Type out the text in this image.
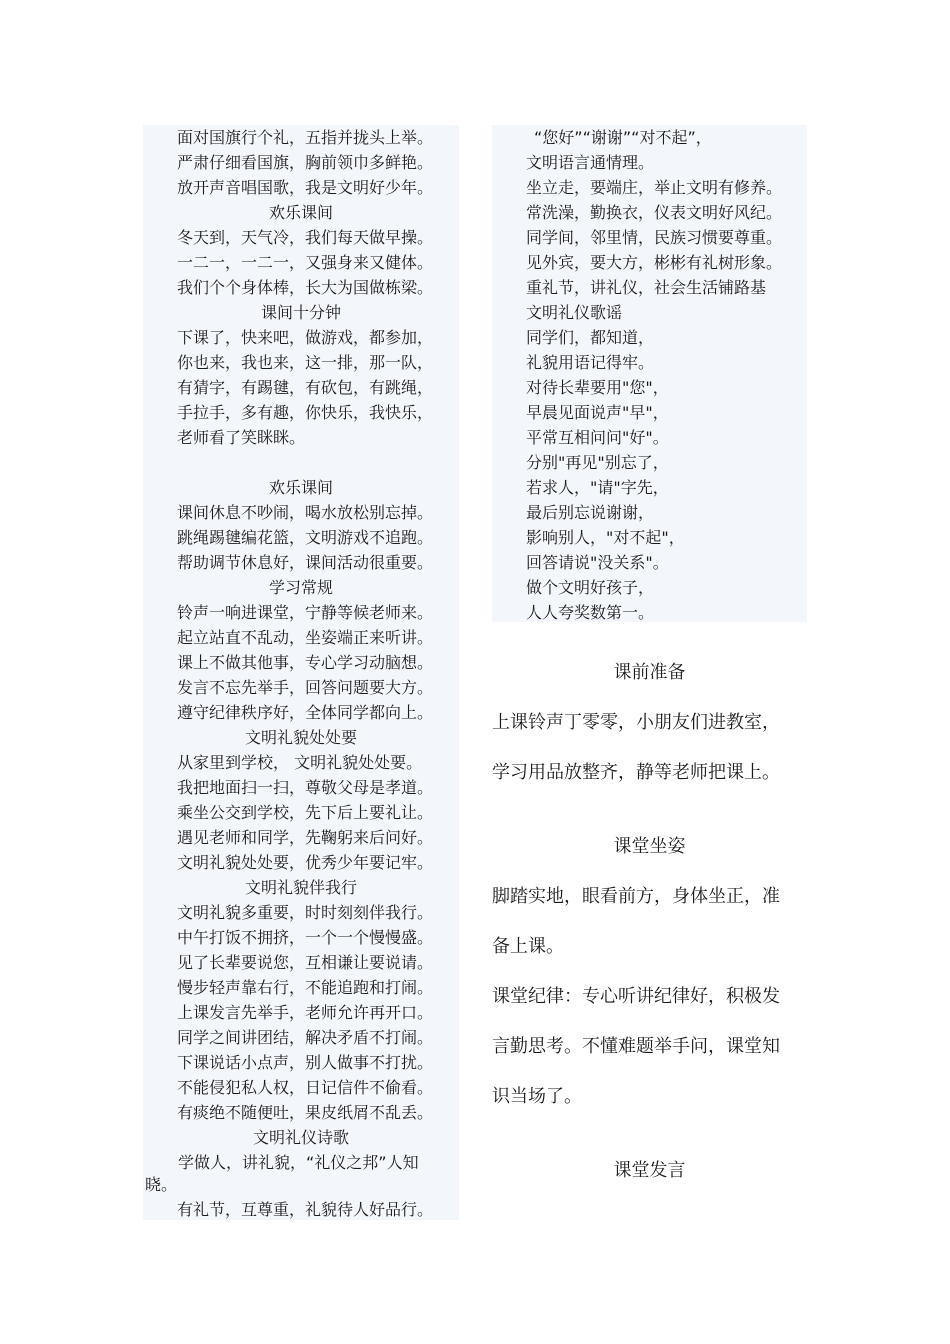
面对国旗行个礼，五指并拢头上举。
严肃仔细看国旗，胸前领巾多鲜艳。
放开声音唱国歌，我是文明好少年。
欢乐课间
冬天到，天气冷，我们每天做早操。
一二一，一二一，又强身来又健体。
我们个个身体棒，长大为国做栋梁。
课间十分钟
下课了，快来吧，做游戏，都参加，
你也来，我也来，这一排，那一队，
有猜字，有踢毽，有砍包，有跳绳，
手拉手，多有趣，你快乐，我快乐，
老师看了笑眯眯。
欢乐课间
课间休息不吵闹，喝水放松别忘掉。
跳绳踢毽编花篮，文明游戏不追跑。
帮助调节休息好，课间活动很重要。
学习常规
铃声一响进课堂，宁静等候老师来。
起立站直不乱动，坐姿端正来听讲。
课上不做其他事，专心学习动脑想。
发言不忘先举手，回答问题要大方。
遵守纪律秩序好，全体同学都向上。
文明礼貌处处要
从家里到学校， 文明礼貌处处要。
我把地面扫一扫，尊敬父母是孝道。
乘坐公交到学校，先下后上要礼让。
遇见老师和同学，先鞠躬来后问好。
文明礼貌处处要，优秀少年要记牢。
文明礼貌伴我行
文明礼貌多重要，时时刻刻伴我行。
中午打饭不拥挤，一个一个慢慢盛。
见了长辈要说您，互相谦让要说请。
慢步轻声靠右行，不能追跑和打闹。
上课发言先举手，老师允许再开口。
同学之间讲团结，解决矛盾不打闹。
下课说话小点声，别人做事不打扰。
不能侵犯私人权，日记信件不偷看。
有痰绝不随便吐，果皮纸屑不乱丢。
文明礼仪诗歌
学做人，讲礼貌，“礼仪之邦”人知
晓。
有礼节，互尊重，礼貌待人好品行。
“您好”“谢谢”“对不起”，
文明语言通情理。
坐立走，要端庄，举止文明有修养。
常洗澡，勤换衣，仪表文明好风纪。
同学间，邻里情，民族习惯要尊重。
见外宾，要大方，彬彬有礼树形象。
重礼节，讲礼仪，社会生活铺路基
文明礼仪歌谣
同学们，都知道，
礼貌用语记得牢。
对待长辈要用"您"，
早晨见面说声"早"，
平常互相问问"好"。
分别"再见"别忘了，
若求人，"请"字先，
最后别忘说谢谢，
影响别人，"对不起"，
回答请说"没关系"。
做个文明好孩子，
人人夸奖数第一。
课前准备
上课铃声丁零零，小朋友们进教室，
学习用品放整齐，静等老师把课上。
课堂坐姿
脚踏实地，眼看前方，身体坐正，准
备上课。
课堂纪律：专心听讲纪律好，积极发
言勤思考。不懂难题举手问，课堂知
识当场了。
课堂发言
